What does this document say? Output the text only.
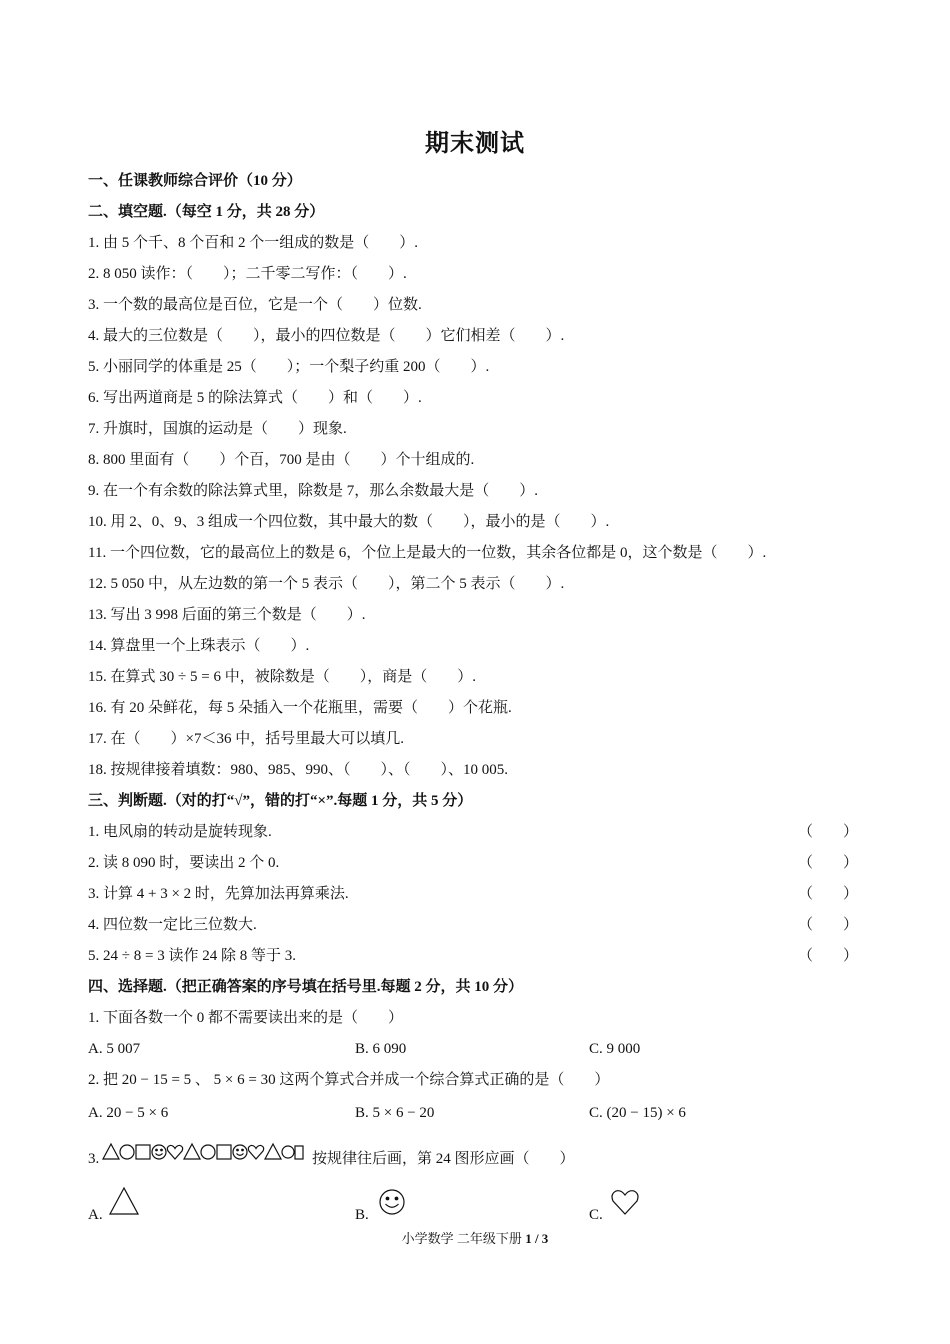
期末测试
一、任课教师综合评价（10 分）
二、填空题.（每空 1 分，共 28 分）
1. 由 5 个千、8 个百和 2 个一组成的数是（　　）.
2. 8 050 读作：（　　）；二千零二写作：（　　）.
3. 一个数的最高位是百位，它是一个（　　）位数.
4. 最大的三位数是（　　），最小的四位数是（　　）它们相差（　　）.
5. 小丽同学的体重是 25（　　）；一个梨子约重 200（　　）.
6. 写出两道商是 5 的除法算式（　　）和（　　）.
7. 升旗时，国旗的运动是（　　）现象.
8. 800 里面有（　　）个百，700 是由（　　）个十组成的.
9. 在一个有余数的除法算式里，除数是 7，那么余数最大是（　　）.
10. 用 2、0、9、3 组成一个四位数，其中最大的数（　　），最小的是（　　）.
11. 一个四位数，它的最高位上的数是 6，个位上是最大的一位数，其余各位都是 0，这个数是（　　）.
12. 5 050 中，从左边数的第一个 5 表示（　　），第二个 5 表示（　　）.
13. 写出 3 998 后面的第三个数是（　　）.
14. 算盘里一个上珠表示（　　）.
15. 在算式 30 ÷ 5 = 6 中，被除数是（　　），商是（　　）.
16. 有 20 朵鲜花，每 5 朵插入一个花瓶里，需要（　　）个花瓶.
17. 在（　　）×7＜36 中，括号里最大可以填几.
18. 按规律接着填数：980、985、990、（　　）、（　　）、10 005.
三、判断题.（对的打“√”，错的打“×”.每题 1 分，共 5 分）
1. 电风扇的转动是旋转现象.	（　　）
2. 读 8 090 时，要读出 2 个 0.	（　　）
3. 计算 4 + 3 × 2 时，先算加法再算乘法.	（　　）
4. 四位数一定比三位数大.	（　　）
5. 24 ÷ 8 = 3 读作 24 除 8 等于 3.	（　　）
四、选择题.（把正确答案的序号填在括号里.每题 2 分，共 10 分）
1. 下面各数一个 0 都不需要读出来的是（　　）
A. 5 007	B. 6 090	C. 9 000
2. 把 20 − 15 = 5 、 5 × 6 = 30 这两个算式合并成一个综合算式正确的是（　　）
A. 20 − 5 × 6	B. 5 × 6 − 20	C. (20 − 15) × 6
3.	按规律往后画，第 24 图形应画（　　）
A.	B.	C.
小学数学 二年级下册 1 / 3
